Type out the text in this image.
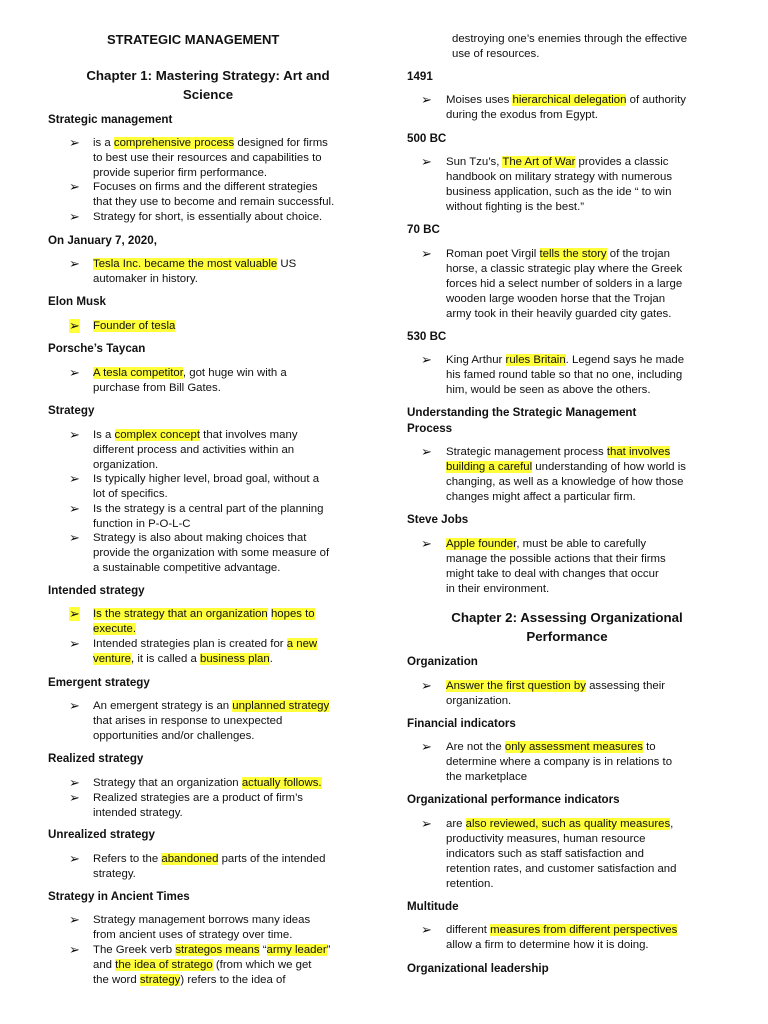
STRATEGIC MANAGEMENT
Chapter 1: Mastering Strategy: Art and
Science
Strategic management
➢ is a comprehensive process designed for firms
to best use their resources and capabilities to
provide superior firm performance.
➢ Focuses on firms and the different strategies
that they use to become and remain successful.
➢ Strategy for short, is essentially about choice.
On January 7, 2020,
➢ Tesla Inc. became the most valuable US
automaker in history.
Elon Musk
➢ Founder of tesla
Porsche’s Taycan
➢ A tesla competitor, got huge win with a
purchase from Bill Gates.
Strategy
➢ Is a complex concept that involves many
different process and activities within an
organization.
➢ Is typically higher level, broad goal, without a
lot of specifics.
➢ Is the strategy is a central part of the planning
function in P-O-L-C
➢ Strategy is also about making choices that
provide the organization with some measure of
a sustainable competitive advantage.
Intended strategy
➢ Is the strategy that an organization hopes to
execute.
➢ Intended strategies plan is created for a new
venture, it is called a business plan.
Emergent strategy
➢ An emergent strategy is an unplanned strategy
that arises in response to unexpected
opportunities and/or challenges.
Realized strategy
➢ Strategy that an organization actually follows.
➢ Realized strategies are a product of firm’s
intended strategy.
Unrealized strategy
➢ Refers to the abandoned parts of the intended
strategy.
Strategy in Ancient Times
➢ Strategy management borrows many ideas
from ancient uses of strategy over time.
➢ The Greek verb strategos means “army leader”
and the idea of stratego (from which we get
the word strategy) refers to the idea of
destroying one’s enemies through the effective
use of resources.
1491
➢ Moises uses hierarchical delegation of authority
during the exodus from Egypt.
500 BC
➢ Sun Tzu’s, The Art of War provides a classic
handbook on military strategy with numerous
business application, such as the ide “ to win
without fighting is the best.”
70 BC
➢ Roman poet Virgil tells the story of the trojan
horse, a classic strategic play where the Greek
forces hid a select number of solders in a large
wooden large wooden horse that the Trojan
army took in their heavily guarded city gates.
530 BC
➢ King Arthur rules Britain. Legend says he made
his famed round table so that no one, including
him, would be seen as above the others.
Understanding the Strategic Management
Process
➢ Strategic management process that involves
building a careful understanding of how world is
changing, as well as a knowledge of how those
changes might affect a particular firm.
Steve Jobs
➢ Apple founder, must be able to carefully
manage the possible actions that their firms
might take to deal with changes that occur
in their environment.
Chapter 2: Assessing Organizational
Performance
Organization
➢ Answer the first question by assessing their
organization.
Financial indicators
➢ Are not the only assessment measures to
determine where a company is in relations to
the marketplace
Organizational performance indicators
➢ are also reviewed, such as quality measures,
productivity measures, human resource
indicators such as staff satisfaction and
retention rates, and customer satisfaction and
retention.
Multitude
➢ different measures from different perspectives
allow a firm to determine how it is doing.
Organizational leadership
